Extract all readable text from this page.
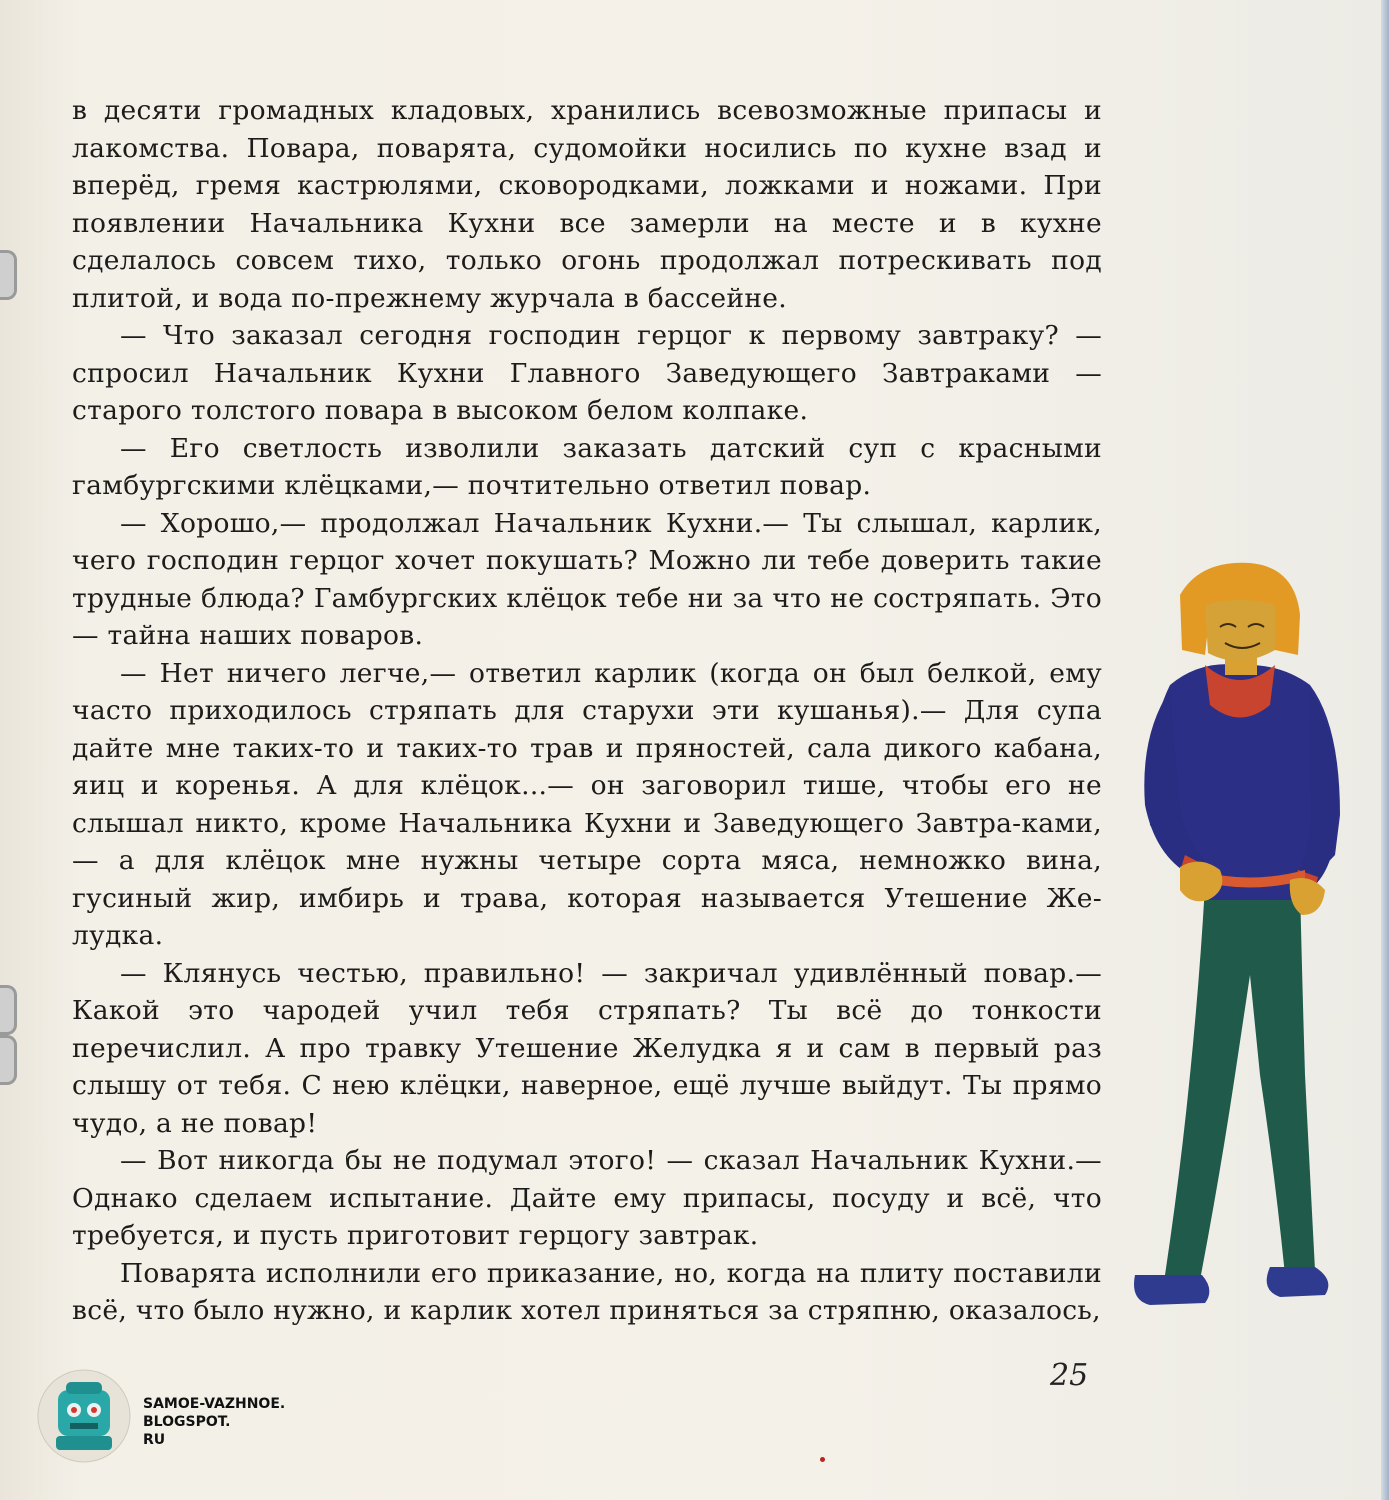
в десяти громадных кладовых, хранились всевозможные припасы и лакомства. Повара, поварята, судомойки носились по кухне взад и вперёд, гремя кастрюлями, сковородками, ложками и ножами. При появлении Начальника Кухни все замерли на месте и в кухне сделалось совсем тихо, только огонь продолжал потрескивать под плитой, и вода по-прежнему журчала в бассейне.

— Что заказал сегодня господин герцог к первому завтраку? — спросил Начальник Кухни Главного Заведующего Завтраками — старого толстого повара в высоком белом колпаке.

— Его светлость изволили заказать датский суп с красными гамбургскими клёцками,— почтительно ответил повар.

— Хорошо,— продолжал Начальник Кухни.— Ты слышал, карлик, чего господин герцог хочет покушать? Можно ли тебе доверить такие трудные блюда? Гамбургских клёцок тебе ни за что не состряпать. Это — тайна наших поваров.

— Нет ничего легче,— ответил карлик (когда он был белкой, ему часто приходилось стряпать для старухи эти кушанья).— Для супа дайте мне таких-то и таких-то трав и пряностей, сала дикого кабана, яиц и коренья. А для клёцок...— он заговорил тише, чтобы его не слышал никто, кроме Начальника Кухни и Заведующего Завтра-ками,— а для клёцок мне нужны четыре сорта мяса, немножко вина, гусиный жир, имбирь и трава, которая называется Утешение Же-лудка.

— Клянусь честью, правильно! — закричал удивлённый повар.— Какой это чародей учил тебя стряпать? Ты всё до тонкости перечислил. А про травку Утешение Желудка я и сам в первый раз слышу от тебя. С нею клёцки, наверное, ещё лучше выйдут. Ты прямо чудо, а не повар!

— Вот никогда бы не подумал этого! — сказал Начальник Кухни.— Однако сделаем испытание. Дайте ему припасы, посуду и всё, что требуется, и пусть приготовит герцогу завтрак.

Поварята исполнили его приказание, но, когда на плиту поставили всё, что было нужно, и карлик хотел приняться за стряпню, оказалось,

25
SAMOE-VAZHNOE.
BLOGSPOT.
RU
